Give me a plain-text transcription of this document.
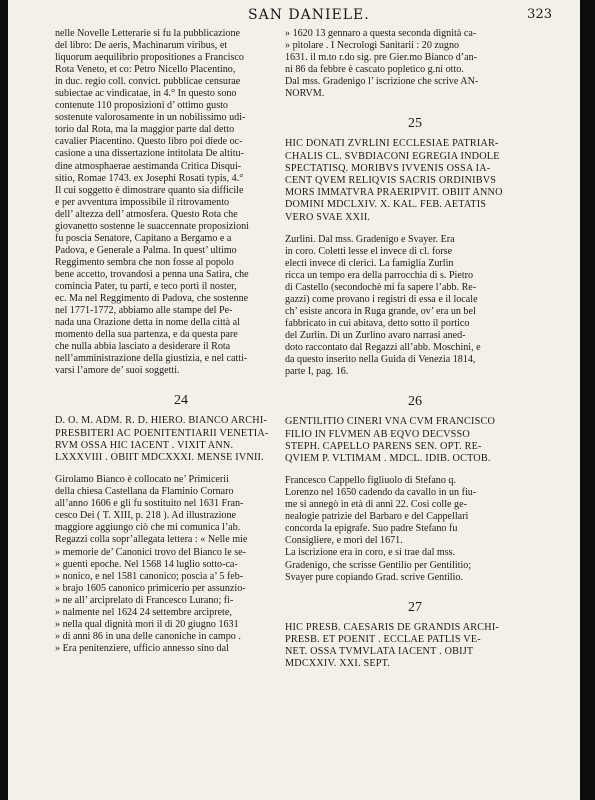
SAN DANIELE.	323

nelle Novelle Letterarie si fu la pubblicazione
del libro: De aeris, Machinarum viribus, et
liquorum aequilibrio propositiones a Francisco
Rota Veneto, et co: Petro Nicello Placentino,
in duc. regio coll. convict. pubblicae censurae
subiectae ac vindicatae, in 4.° In questo sono
contenute 110 proposizioni d’ ottimo gusto
sostenute valorosamente in un nobilissimo udi-
torio dal Rota, ma la maggior parte dal detto
cavalier Piacentino. Questo libro poi diede oc-
casione a una dissertazione intitolata De altitu-
dine atmosphaerae aestimanda Critica Disqui-
sitio, Romae 1743. ex Josephi Rosati typis, 4.°
Il cui soggetto è dimostrare quanto sia difficile
e per avventura impossibile il ritrovamento
dell’ altezza dell’ atmosfera. Questo Rota che
giovanetto sostenne le suaccennate proposizioni
fu poscia Senatore, Capitano a Bergamo e a
Padova, e Generale a Palma. In quest’ ultimo
Reggimento sembra che non fosse al popolo
bene accetto, trovandosi a penna una Satira, che
comincia Pater, tu parti, e teco porti il noster,
ec. Ma nel Reggimento di Padova, che sostenne
nel 1771-1772, abbiamo alle stampe del Pe-
nada una Orazione detta in nome della città al
momento della sua partenza, e da questa pare
che nulla abbia lasciato a desiderare il Rota
nell’amministrazione della giustizia, e nel catti-
varsi l’amore de’ suoi soggetti.

24

D. O. M. ADM. R. D. HIERO. BIANCO ARCHI-
PRESBITERI AC POENITENTIARII VENETIA-
RVM OSSA HIC IACENT . VIXIT ANN.
LXXXVIII . OBIIT MDCXXXI. MENSE IVNII.

Girolamo Bianco è collocato ne’ Primicerii
della chiesa Castellana da Flaminio Cornaro
all’anno 1606 e gli fu sostituito nel 1631 Fran-
cesco Dei ( T. XIII, p. 218 ). Ad illustrazione
maggiore aggiungo ciò che mi comunica l’ab.
Regazzi colla sopr’allegata lettera : « Nelle mie
» memorie de’ Canonici trovo del Bianco le se-
» guenti epoche. Nel 1568 14 luglio sotto-ca-
» nonico, e nel 1581 canonico; poscia a’ 5 feb-
» brajo 1605 canonico primicerio per assunzio-
» ne all’ arciprelato di Francesco Lurano; fi-
» nalmente nel 1624 24 settembre arciprete,
» nella qual dignità morì il dì 20 giugno 1631
» di anni 86 in una delle canoniche in campo .
» Era penitenziere, ufficio annesso sino dal

» 1620 13 gennaro a questa seconda dignità ca-
» pitolare . I Necrologi Sanitarii : 20 zugno
1631. il m.to r.do sig. pre Gier.mo Bianco d’an-
ni 86 da febbre è cascato popletico g.ni otto.
Dal mss. Gradenigo l’ iscrizione che scrive AN-
NORVM.

25

HIC DONATI ZVRLINI ECCLESIAE PATRIAR-
CHALIS CL. SVBDIACONI EGREGIA INDOLE
SPECTATISQ. MORIBVS IVVENIS OSSA IA-
CENT QVEM RELIQVIS SACRIS ORDINIBVS
MORS IMMATVRA PRAERIPVIT. OBIIT ANNO
DOMINI MDCLXIV. X. KAL. FEB. AETATIS
VERO SVAE XXII.

Zurlini. Dal mss. Gradenigo e Svayer. Era
in coro. Coletti lesse el invece di cl. forse
electi invece di clerici. La famiglia Zurlin
ricca un tempo era della parrocchia di s. Pietro
di Castello (secondochè mi fa sapere l’abb. Re-
gazzi) come provano i registri di essa e il locale
ch’ esiste ancora in Ruga grande, ov’ era un bel
fabbricato in cui abitava, detto sotto il portico
del Zurlin. Di un Zurlino avaro narrasi aned-
doto raccontato dal Regazzi all’abb. Moschini, e
da questo inserito nella Guida di Venezia 1814,
parte I, pag. 16.

26

GENTILITIO CINERI VNA CVM FRANCISCO
FILIO IN FLVMEN AB EQVO DECVSSO
STEPH. CAPELLO PARENS SEN. OPT. RE-
QVIEM P. VLTIMAM . MDCL. IDIB. OCTOB.

Francesco Cappello figliuolo di Stefano q.
Lorenzo nel 1650 cadendo da cavallo in un fiu-
me si annegò in età di anni 22. Così colle ge-
nealogie patrizie del Barbaro e del Cappellari
concorda la epigrafe. Suo padre Stefano fu
Consigliere, e morì del 1671.
La iscrizione era in coro, e si trae dal mss.
Gradenigo, che scrisse Gentilio per Gentilitio;
Svayer pure copiando Grad. scrive Gentilio.

27

HIC PRESB. CAESARIS DE GRANDIS ARCHI-
PRESB. ET POENIT . ECCLAE PATLIS VE-
NET. OSSA TVMVLATA IACENT . OBIJT
MDCXXIV. XXI. SEPT.
